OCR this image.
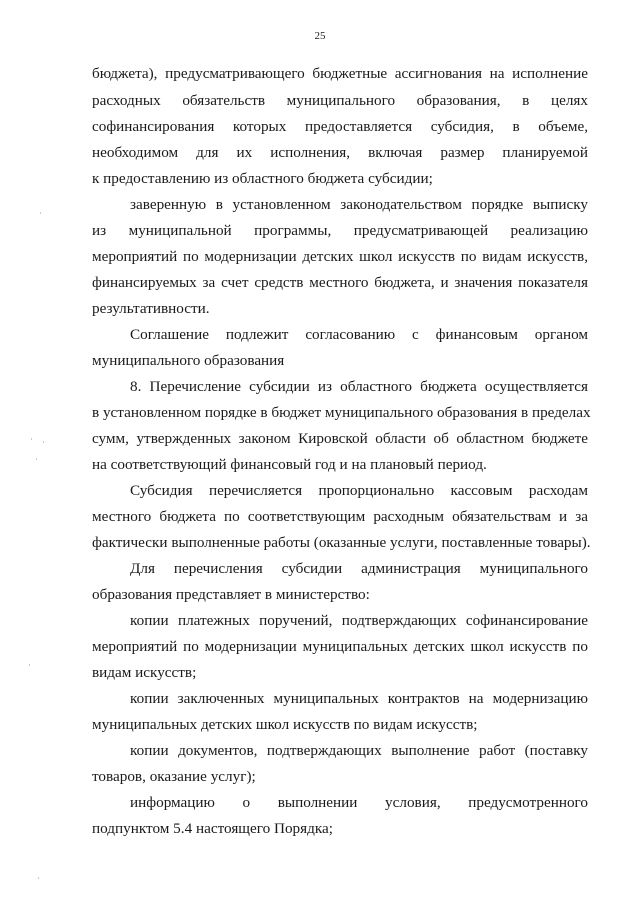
25
бюджета), предусматривающего бюджетные ассигнования на исполнение
расходных обязательств муниципального образования, в целях
софинансирования которых предоставляется субсидия, в объеме,
необходимом для их исполнения, включая размер планируемой
к предоставлению из областного бюджета субсидии;
заверенную в установленном законодательством порядке выписку
из муниципальной программы, предусматривающей реализацию
мероприятий по модернизации детских школ искусств по видам искусств,
финансируемых за счет средств местного бюджета, и значения показателя
результативности.
Соглашение подлежит согласованию с финансовым органом
муниципального образования
8. Перечисление субсидии из областного бюджета осуществляется
в установленном порядке в бюджет муниципального образования в пределах
сумм, утвержденных законом Кировской области об областном бюджете
на соответствующий финансовый год и на плановый период.
Субсидия перечисляется пропорционально кассовым расходам
местного бюджета по соответствующим расходным обязательствам и за
фактически выполненные работы (оказанные услуги, поставленные товары).
Для перечисления субсидии администрация муниципального
образования представляет в министерство:
копии платежных поручений, подтверждающих софинансирование
мероприятий по модернизации муниципальных детских школ искусств по
видам искусств;
копии заключенных муниципальных контрактов на модернизацию
муниципальных детских школ искусств по видам искусств;
копии документов, подтверждающих выполнение работ (поставку
товаров, оказание услуг);
информацию о выполнении условия, предусмотренного
подпунктом 5.4 настоящего Порядка;
